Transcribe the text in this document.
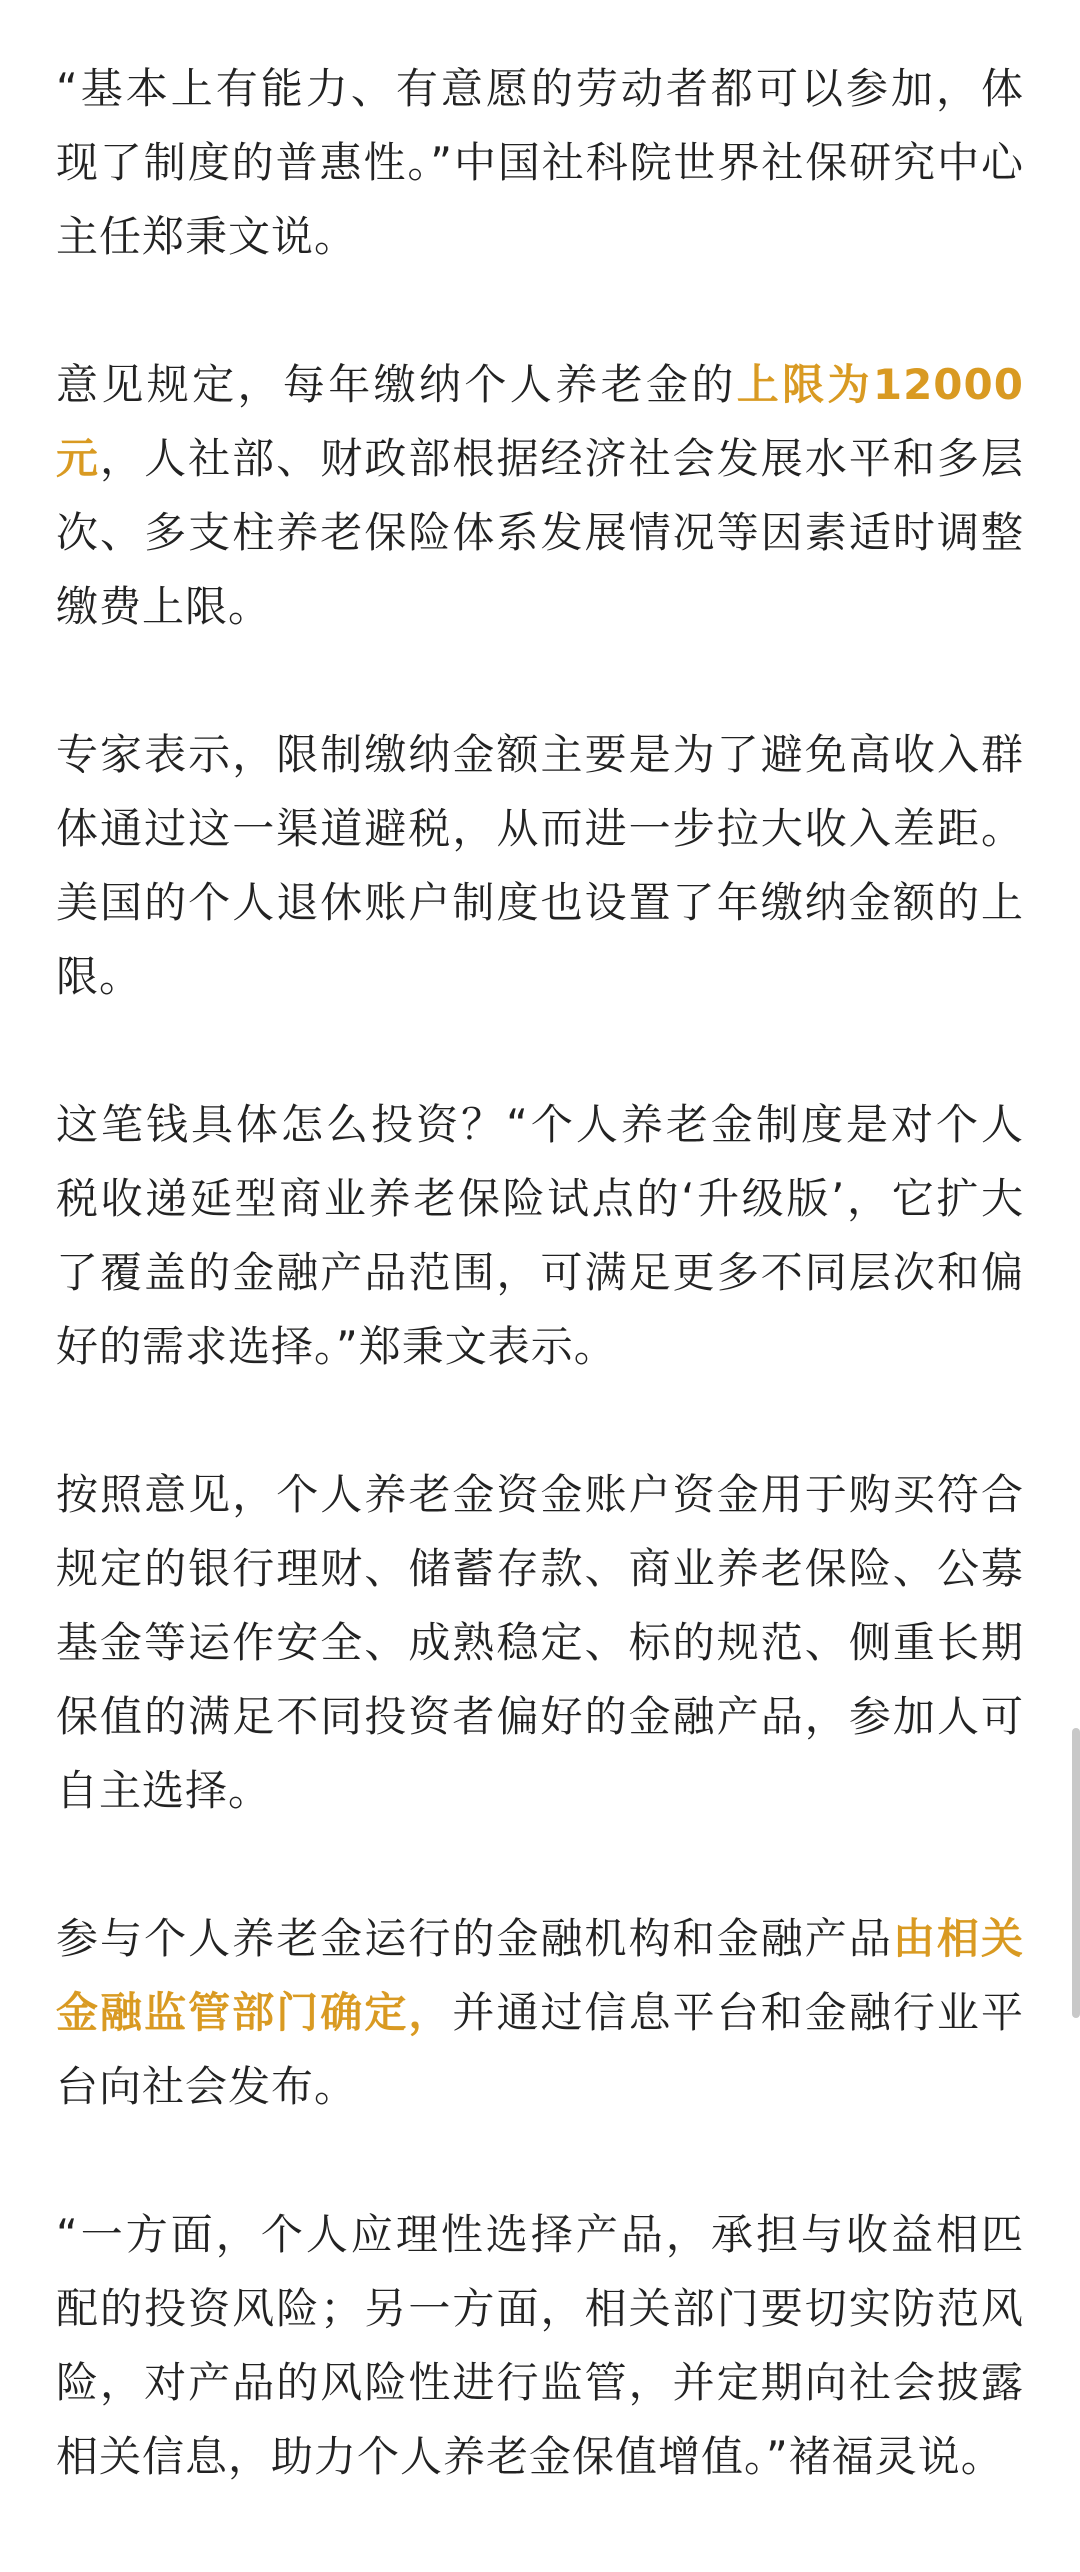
“基本上有能力、有意愿的劳动者都可以参加，体现了制度的普惠性。”中国社科院世界社保研究中心主任郑秉文说。

意见规定，每年缴纳个人养老金的上限为12000元，人社部、财政部根据经济社会发展水平和多层次、多支柱养老保险体系发展情况等因素适时调整缴费上限。

专家表示，限制缴纳金额主要是为了避免高收入群体通过这一渠道避税，从而进一步拉大收入差距。美国的个人退休账户制度也设置了年缴纳金额的上限。

这笔钱具体怎么投资？“个人养老金制度是对个人税收递延型商业养老保险试点的‘升级版’，它扩大了覆盖的金融产品范围，可满足更多不同层次和偏好的需求选择。”郑秉文表示。

按照意见，个人养老金资金账户资金用于购买符合规定的银行理财、储蓄存款、商业养老保险、公募基金等运作安全、成熟稳定、标的规范、侧重长期保值的满足不同投资者偏好的金融产品，参加人可自主选择。

参与个人养老金运行的金融机构和金融产品由相关金融监管部门确定，并通过信息平台和金融行业平台向社会发布。

“一方面，个人应理性选择产品，承担与收益相匹配的投资风险；另一方面，相关部门要切实防范风险，对产品的风险性进行监管，并定期向社会披露相关信息，助力个人养老金保值增值。”褚福灵说。
